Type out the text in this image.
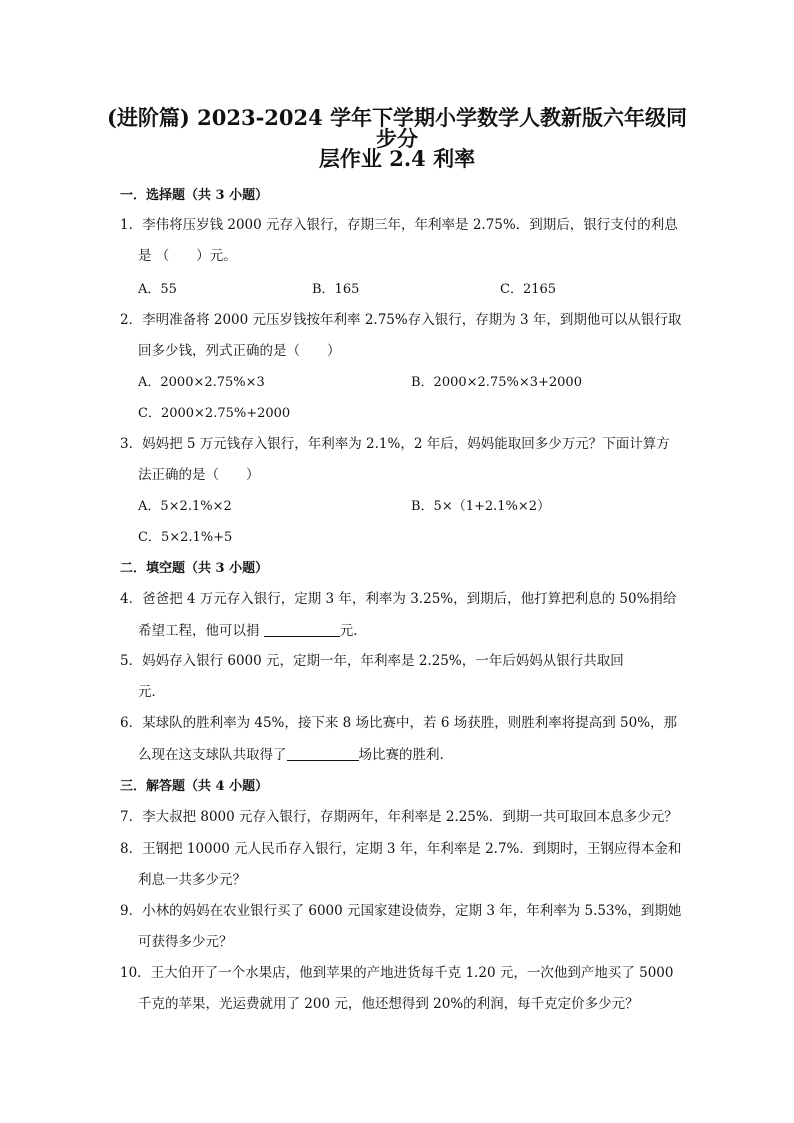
(进阶篇) 2023-2024 学年下学期小学数学人教新版六年级同步分
层作业 2.4 利率
一．选择题（共 3 小题）
1．李伟将压岁钱 2000 元存入银行，存期三年，年利率是 2.75%．到期后，银行支付的利息
是 （　　）元。
A．55	B．165	C．2165
2．李明准备将 2000 元压岁钱按年利率 2.75%存入银行，存期为 3 年，到期他可以从银行取
回多少钱，列式正确的是（　　）
A．2000×2.75%×3	B．2000×2.75%×3+2000
C．2000×2.75%+2000
3．妈妈把 5 万元钱存入银行，年利率为 2.1%，2 年后，妈妈能取回多少万元？下面计算方
法正确的是（　　）
A．5×2.1%×2	B．5×（1+2.1%×2）
C．5×2.1%+5
二．填空题（共 3 小题）
4．爸爸把 4 万元存入银行，定期 3 年，利率为 3.25%，到期后，他打算把利息的 50%捐给
希望工程，他可以捐	元．
5．妈妈存入银行 6000 元，定期一年，年利率是 2.25%，一年后妈妈从银行共取回
元．
6．某球队的胜利率为 45%，接下来 8 场比赛中，若 6 场获胜，则胜利率将提高到 50%，那
么现在这支球队共取得了	场比赛的胜利.
三．解答题（共 4 小题）
7．李大叔把 8000 元存入银行，存期两年，年利率是 2.25%．到期一共可取回本息多少元？
8．王钢把 10000 元人民币存入银行，定期 3 年，年利率是 2.7%．到期时，王钢应得本金和
利息一共多少元？
9．小林的妈妈在农业银行买了 6000 元国家建设债券，定期 3 年，年利率为 5.53%，到期她
可获得多少元？
10．王大伯开了一个水果店，他到苹果的产地进货每千克 1.20 元，一次他到产地买了 5000
千克的苹果，光运费就用了 200 元，他还想得到 20%的利润，每千克定价多少元？
